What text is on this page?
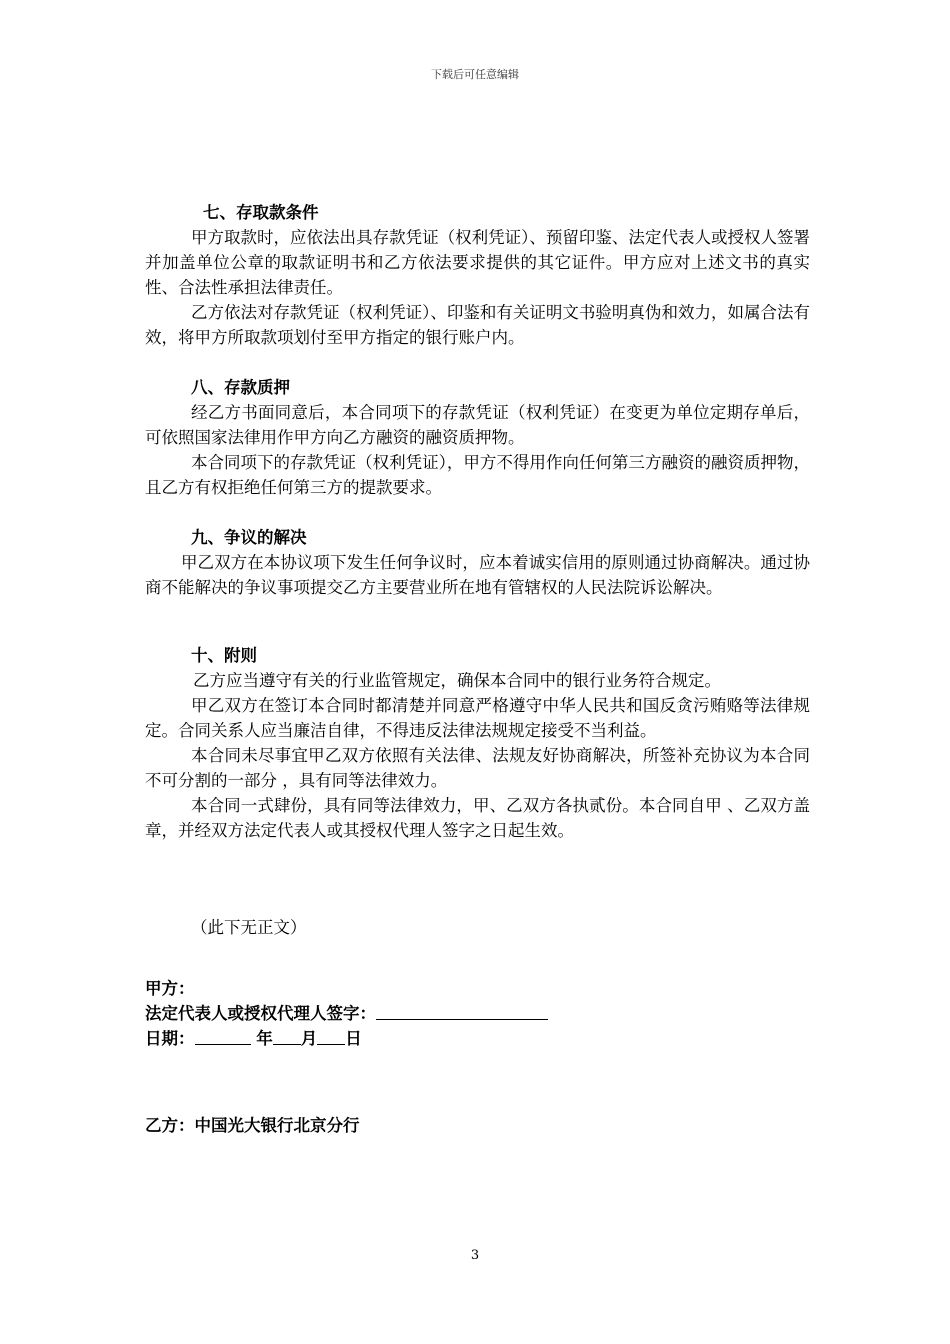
下载后可任意编辑
七、存取款条件

甲方取款时，应依法出具存款凭证（权利凭证）、预留印鉴、法定代表人或授权人签署并加盖单位公章的取款证明书和乙方依法要求提供的其它证件。甲方应对上述文书的真实性、合法性承担法律责任。

乙方依法对存款凭证（权利凭证）、印鉴和有关证明文书验明真伪和效力，如属合法有效，将甲方所取款项划付至甲方指定的银行账户内。

八、存款质押

经乙方书面同意后，本合同项下的存款凭证（权利凭证）在变更为单位定期存单后，可依照国家法律用作甲方向乙方融资的融资质押物。

本合同项下的存款凭证（权利凭证），甲方不得用作向任何第三方融资的融资质押物，且乙方有权拒绝任何第三方的提款要求。

九、争议的解决

甲乙双方在本协议项下发生任何争议时，应本着诚实信用的原则通过协商解决。通过协商不能解决的争议事项提交乙方主要营业所在地有管辖权的人民法院诉讼解决。

十、附则

乙方应当遵守有关的行业监管规定，确保本合同中的银行业务符合规定。

甲乙双方在签订本合同时都清楚并同意严格遵守中华人民共和国反贪污贿赂等法律规定。合同关系人应当廉洁自律，不得违反法律法规规定接受不当利益。

本合同未尽事宜甲乙双方依照有关法律、法规友好协商解决，所签补充协议为本合同不可分割的一部分 ，具有同等法律效力。

本合同一式肆份，具有同等法律效力，甲、乙双方各执贰份。本合同自甲 、乙双方盖章，并经双方法定代表人或其授权代理人签字之日起生效。

（此下无正文）
甲方：
法定代表人或授权代理人签字：
日期：	年 月 日
乙方：中国光大银行北京分行
3
